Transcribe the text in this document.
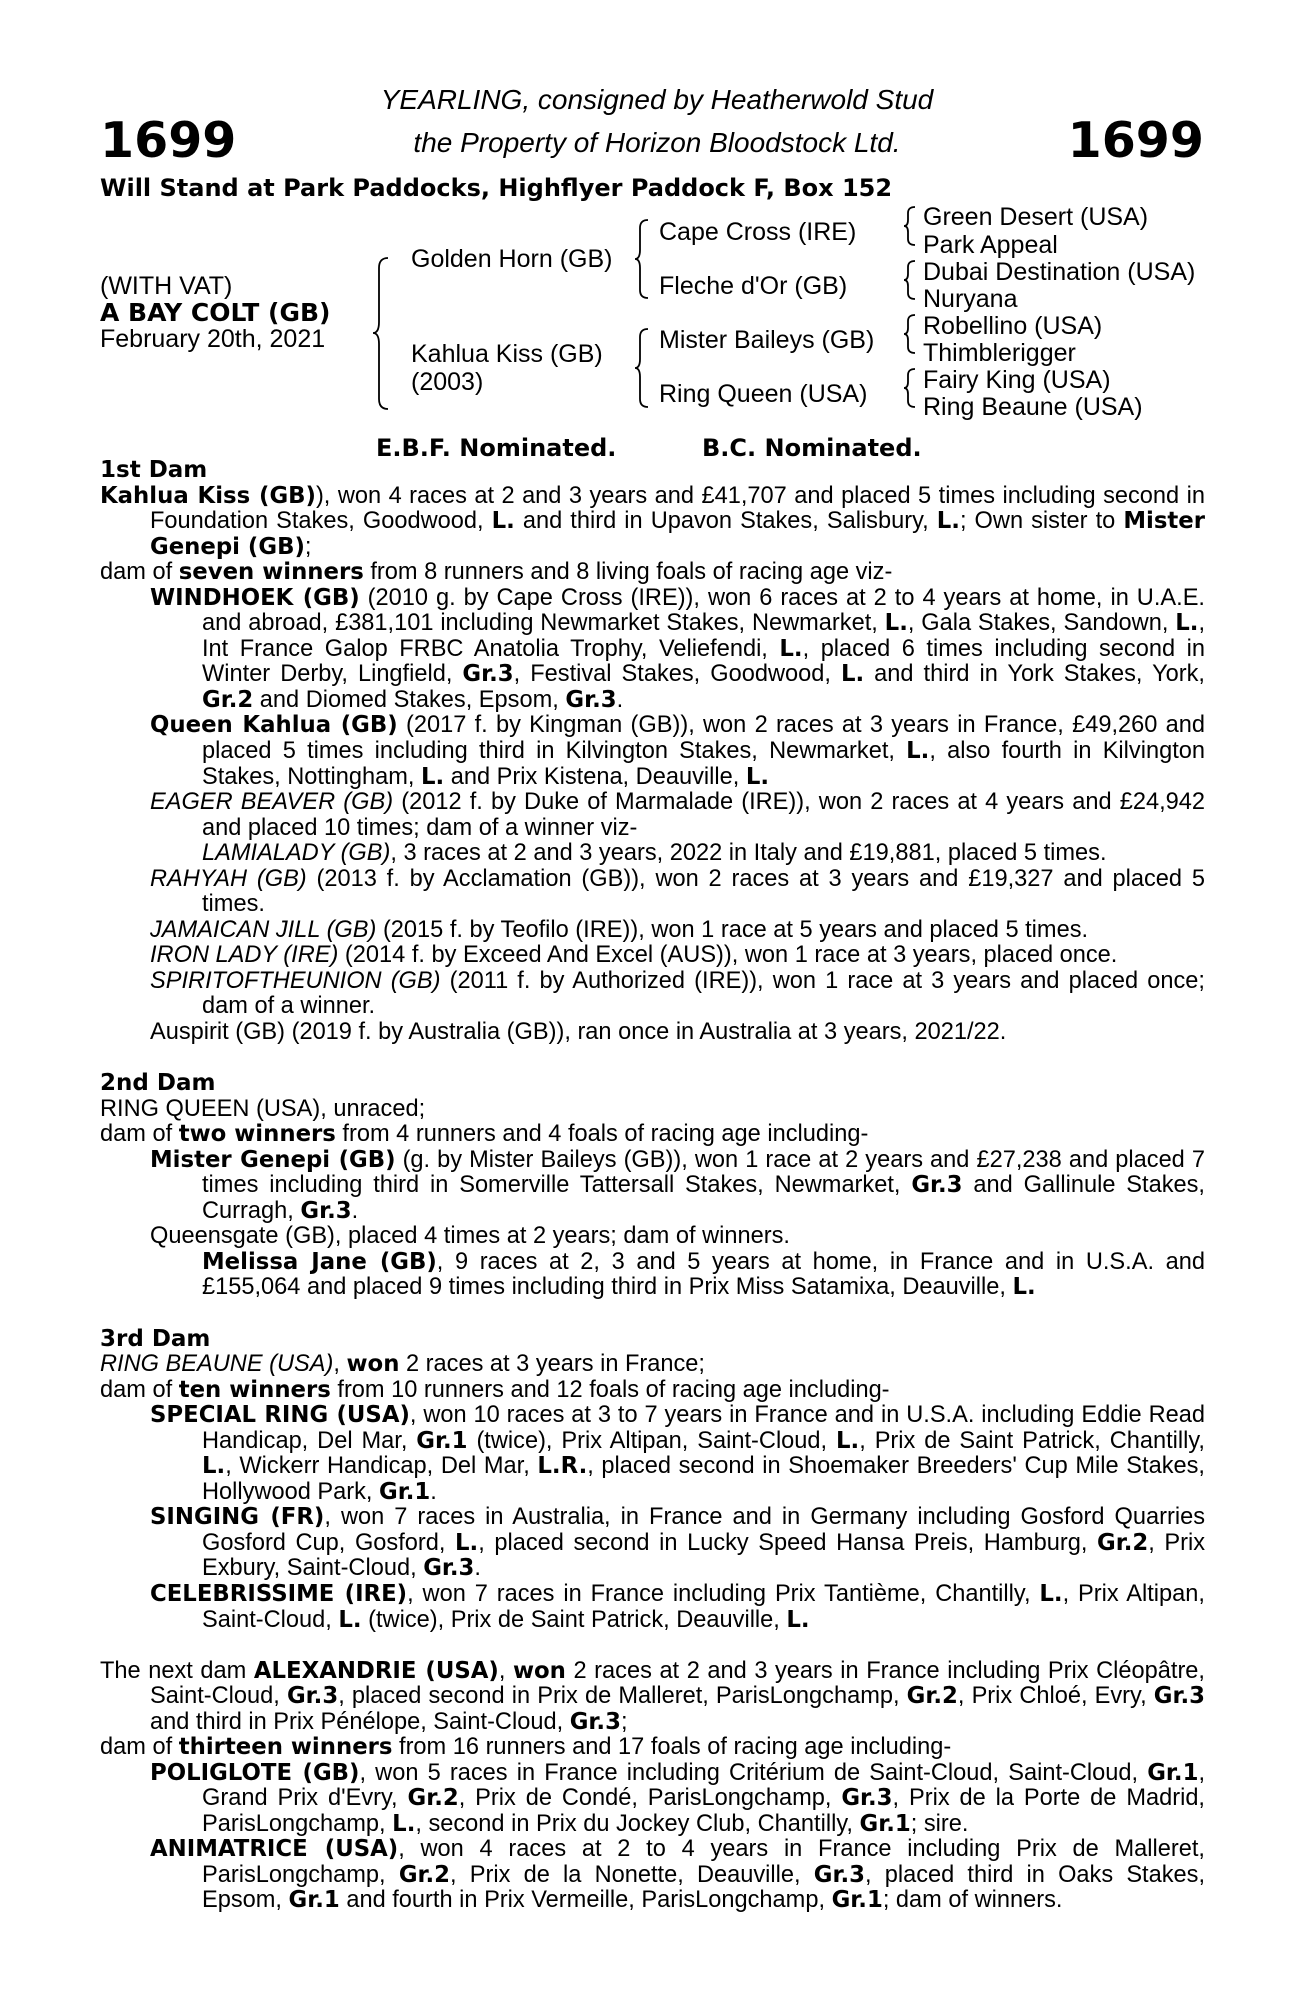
1699	1699
YEARLING, consigned by Heatherwold Stud
the Property of Horizon Bloodstock Ltd.
Will Stand at Park Paddocks, Highflyer Paddock F, Box 152
(WITH VAT)
A BAY COLT (GB)
February 20th, 2021
Golden Horn (GB)
Kahlua Kiss (GB)
(2003)
Cape Cross (IRE)
Fleche d'Or (GB)
Mister Baileys (GB)
Ring Queen (USA)
Green Desert (USA)
Park Appeal
Dubai Destination (USA)
Nuryana
Robellino (USA)
Thimblerigger
Fairy King (USA)
Ring Beaune (USA)
E.B.F. Nominated.	B.C. Nominated.

1st Dam

Kahlua Kiss (GB)), won 4 races at 2 and 3 years and £41,707 and placed 5 times including second in Foundation Stakes, Goodwood, L. and third in Upavon Stakes, Salisbury, L.; Own sister to Mister Genepi (GB);

dam of seven winners from 8 runners and 8 living foals of racing age viz-

WINDHOEK (GB) (2010 g. by Cape Cross (IRE)), won 6 races at 2 to 4 years at home, in U.A.E. and abroad, £381,101 including Newmarket Stakes, Newmarket, L., Gala Stakes, Sandown, L., Int France Galop FRBC Anatolia Trophy, Veliefendi, L., placed 6 times including second in Winter Derby, Lingfield, Gr.3, Festival Stakes, Goodwood, L. and third in York Stakes, York, Gr.2 and Diomed Stakes, Epsom, Gr.3.

Queen Kahlua (GB) (2017 f. by Kingman (GB)), won 2 races at 3 years in France, £49,260 and placed 5 times including third in Kilvington Stakes, Newmarket, L., also fourth in Kilvington Stakes, Nottingham, L. and Prix Kistena, Deauville, L.

EAGER BEAVER (GB) (2012 f. by Duke of Marmalade (IRE)), won 2 races at 4 years and £24,942 and placed 10 times; dam of a winner viz-

LAMIALADY (GB), 3 races at 2 and 3 years, 2022 in Italy and £19,881, placed 5 times.

RAHYAH (GB) (2013 f. by Acclamation (GB)), won 2 races at 3 years and £19,327 and placed 5 times.

JAMAICAN JILL (GB) (2015 f. by Teofilo (IRE)), won 1 race at 5 years and placed 5 times.

IRON LADY (IRE) (2014 f. by Exceed And Excel (AUS)), won 1 race at 3 years, placed once.

SPIRITOFTHEUNION (GB) (2011 f. by Authorized (IRE)), won 1 race at 3 years and placed once; dam of a winner.

Auspirit (GB) (2019 f. by Australia (GB)), ran once in Australia at 3 years, 2021/22.

2nd Dam

RING QUEEN (USA), unraced;

dam of two winners from 4 runners and 4 foals of racing age including-

Mister Genepi (GB) (g. by Mister Baileys (GB)), won 1 race at 2 years and £27,238 and placed 7 times including third in Somerville Tattersall Stakes, Newmarket, Gr.3 and Gallinule Stakes, Curragh, Gr.3.

Queensgate (GB), placed 4 times at 2 years; dam of winners.

Melissa Jane (GB), 9 races at 2, 3 and 5 years at home, in France and in U.S.A. and £155,064 and placed 9 times including third in Prix Miss Satamixa, Deauville, L.

3rd Dam

RING BEAUNE (USA), won 2 races at 3 years in France;

dam of ten winners from 10 runners and 12 foals of racing age including-

SPECIAL RING (USA), won 10 races at 3 to 7 years in France and in U.S.A. including Eddie Read Handicap, Del Mar, Gr.1 (twice), Prix Altipan, Saint-Cloud, L., Prix de Saint Patrick, Chantilly, L., Wickerr Handicap, Del Mar, L.R., placed second in Shoemaker Breeders' Cup Mile Stakes, Hollywood Park, Gr.1.

SINGING (FR), won 7 races in Australia, in France and in Germany including Gosford Quarries Gosford Cup, Gosford, L., placed second in Lucky Speed Hansa Preis, Hamburg, Gr.2, Prix Exbury, Saint-Cloud, Gr.3.

CELEBRISSIME (IRE), won 7 races in France including Prix Tantième, Chantilly, L., Prix Altipan, Saint-Cloud, L. (twice), Prix de Saint Patrick, Deauville, L.

The next dam ALEXANDRIE (USA), won 2 races at 2 and 3 years in France including Prix Cléopâtre, Saint-Cloud, Gr.3, placed second in Prix de Malleret, ParisLongchamp, Gr.2, Prix Chloé, Evry, Gr.3 and third in Prix Pénélope, Saint-Cloud, Gr.3;

dam of thirteen winners from 16 runners and 17 foals of racing age including-

POLIGLOTE (GB), won 5 races in France including Critérium de Saint-Cloud, Saint-Cloud, Gr.1, Grand Prix d'Evry, Gr.2, Prix de Condé, ParisLongchamp, Gr.3, Prix de la Porte de Madrid, ParisLongchamp, L., second in Prix du Jockey Club, Chantilly, Gr.1; sire.

ANIMATRICE (USA), won 4 races at 2 to 4 years in France including Prix de Malleret, ParisLongchamp, Gr.2, Prix de la Nonette, Deauville, Gr.3, placed third in Oaks Stakes, Epsom, Gr.1 and fourth in Prix Vermeille, ParisLongchamp, Gr.1; dam of winners.
